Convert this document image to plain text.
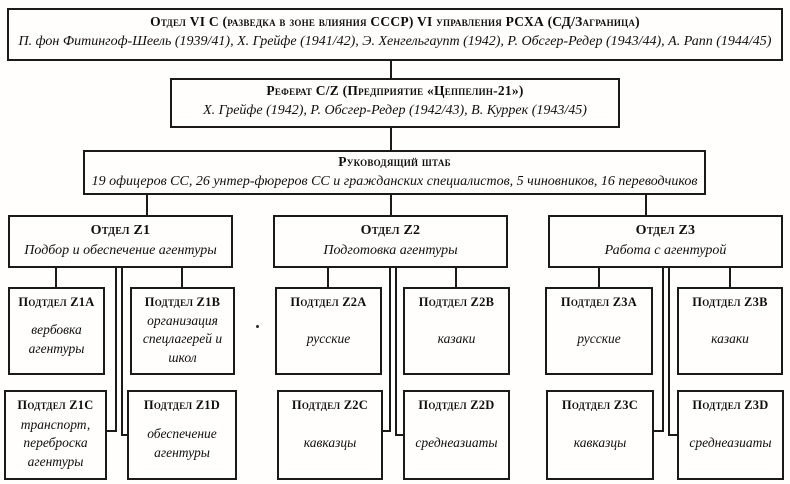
Отдел VI C (разведка в зоне влияния СССР) VI управления РСХА (СД/Заграница)
П. фон Фитингоф-Шеель (1939/41), Х. Грейфе (1941/42), Э. Хенгельгаупт (1942), Р. Обсгер-Редер (1943/44), А. Рапп (1944/45)
Реферат C/Z (Предприятие «Цеппелин-21»)
Х. Грейфе (1942), Р. Обсгер-Редер (1942/43), В. Куррек (1943/45)
Руководящий штаб
19 офицеров СС, 26 унтер-фюреров СС и гражданских специалистов, 5 чиновников, 16 переводчиков
Отдел Z1
Подбор и обеспечение агентуры
Отдел Z2
Подготовка агентуры
Отдел Z3
Работа с агентурой
Подтдел Z1A
вербовка агентуры
Подтдел Z1B
организация спецлагерей и школ
Подтдел Z1C
транспорт, переброска агентуры
Подтдел Z1D
обеспечение агентуры
Подтдел Z2A
русские
Подтдел Z2B
казаки
Подтдел Z2C
кавказцы
Подтдел Z2D
среднеазиаты
Подтдел Z3A
русские
Подтдел Z3B
казаки
Подтдел Z3C
кавказцы
Подтдел Z3D
среднеазиаты
